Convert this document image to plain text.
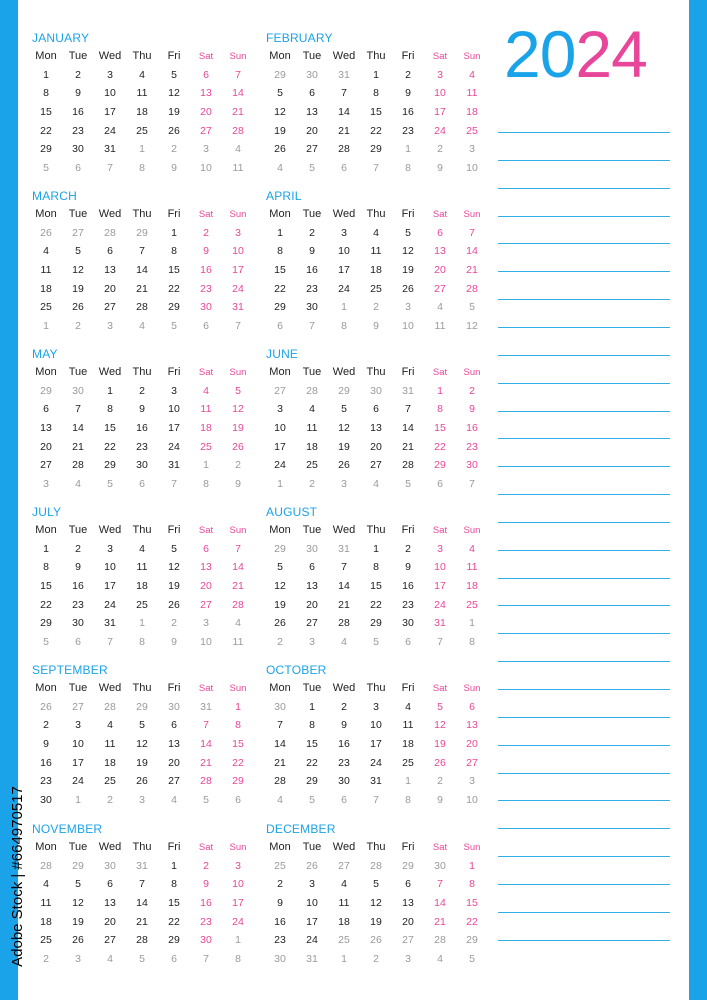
Adobe Stock | #664970517
2024
JANUARY
Mon	Tue	Wed	Thu	Fri	Sat	Sun
1	2	3	4	5	6	7
8	9	10	11	12	13	14
15	16	17	18	19	20	21
22	23	24	25	26	27	28
29	30	31	1	2	3	4
5	6	7	8	9	10	11
FEBRUARY
Mon	Tue	Wed	Thu	Fri	Sat	Sun
29	30	31	1	2	3	4
5	6	7	8	9	10	11
12	13	14	15	16	17	18
19	20	21	22	23	24	25
26	27	28	29	1	2	3
4	5	6	7	8	9	10
MARCH
Mon	Tue	Wed	Thu	Fri	Sat	Sun
26	27	28	29	1	2	3
4	5	6	7	8	9	10
11	12	13	14	15	16	17
18	19	20	21	22	23	24
25	26	27	28	29	30	31
1	2	3	4	5	6	7
APRIL
Mon	Tue	Wed	Thu	Fri	Sat	Sun
1	2	3	4	5	6	7
8	9	10	11	12	13	14
15	16	17	18	19	20	21
22	23	24	25	26	27	28
29	30	1	2	3	4	5
6	7	8	9	10	11	12
MAY
Mon	Tue	Wed	Thu	Fri	Sat	Sun
29	30	1	2	3	4	5
6	7	8	9	10	11	12
13	14	15	16	17	18	19
20	21	22	23	24	25	26
27	28	29	30	31	1	2
3	4	5	6	7	8	9
JUNE
Mon	Tue	Wed	Thu	Fri	Sat	Sun
27	28	29	30	31	1	2
3	4	5	6	7	8	9
10	11	12	13	14	15	16
17	18	19	20	21	22	23
24	25	26	27	28	29	30
1	2	3	4	5	6	7
JULY
Mon	Tue	Wed	Thu	Fri	Sat	Sun
1	2	3	4	5	6	7
8	9	10	11	12	13	14
15	16	17	18	19	20	21
22	23	24	25	26	27	28
29	30	31	1	2	3	4
5	6	7	8	9	10	11
AUGUST
Mon	Tue	Wed	Thu	Fri	Sat	Sun
29	30	31	1	2	3	4
5	6	7	8	9	10	11
12	13	14	15	16	17	18
19	20	21	22	23	24	25
26	27	28	29	30	31	1
2	3	4	5	6	7	8
SEPTEMBER
Mon	Tue	Wed	Thu	Fri	Sat	Sun
26	27	28	29	30	31	1
2	3	4	5	6	7	8
9	10	11	12	13	14	15
16	17	18	19	20	21	22
23	24	25	26	27	28	29
30	1	2	3	4	5	6
OCTOBER
Mon	Tue	Wed	Thu	Fri	Sat	Sun
30	1	2	3	4	5	6
7	8	9	10	11	12	13
14	15	16	17	18	19	20
21	22	23	24	25	26	27
28	29	30	31	1	2	3
4	5	6	7	8	9	10
NOVEMBER
Mon	Tue	Wed	Thu	Fri	Sat	Sun
28	29	30	31	1	2	3
4	5	6	7	8	9	10
11	12	13	14	15	16	17
18	19	20	21	22	23	24
25	26	27	28	29	30	1
2	3	4	5	6	7	8
DECEMBER
Mon	Tue	Wed	Thu	Fri	Sat	Sun
25	26	27	28	29	30	1
2	3	4	5	6	7	8
9	10	11	12	13	14	15
16	17	18	19	20	21	22
23	24	25	26	27	28	29
30	31	1	2	3	4	5
